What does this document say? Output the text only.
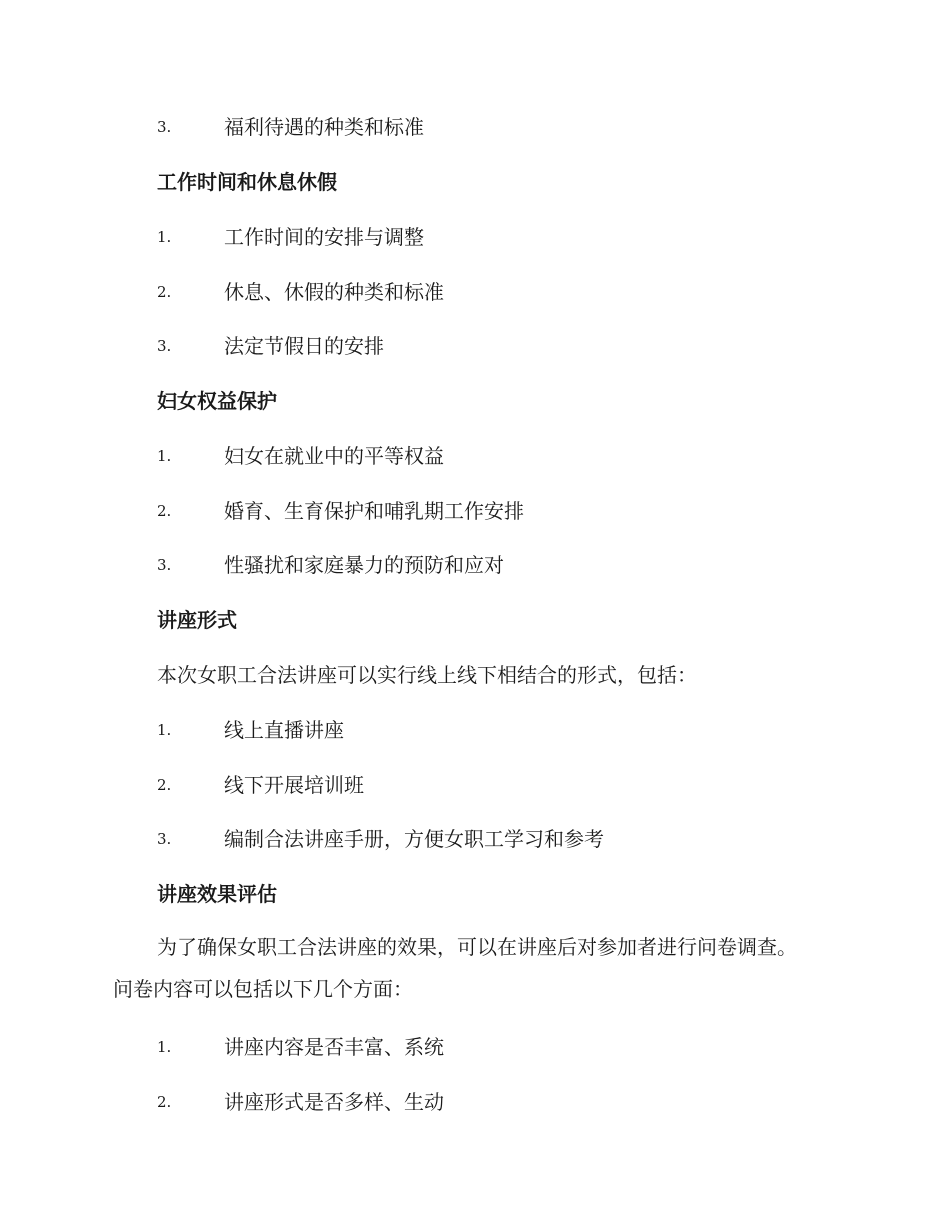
3.	福利待遇的种类和标准
工作时间和休息休假
1.	工作时间的安排与调整
2.	休息、休假的种类和标准
3.	法定节假日的安排
妇女权益保护
1.	妇女在就业中的平等权益
2.	婚育、生育保护和哺乳期工作安排
3.	性骚扰和家庭暴力的预防和应对
讲座形式
本次女职工合法讲座可以实行线上线下相结合的形式，包括：
1.	线上直播讲座
2.	线下开展培训班
3.	编制合法讲座手册，方便女职工学习和参考
讲座效果评估
为了确保女职工合法讲座的效果，可以在讲座后对参加者进行问卷调查。问卷内容可以包括以下几个方面：
1.	讲座内容是否丰富、系统
2.	讲座形式是否多样、生动
